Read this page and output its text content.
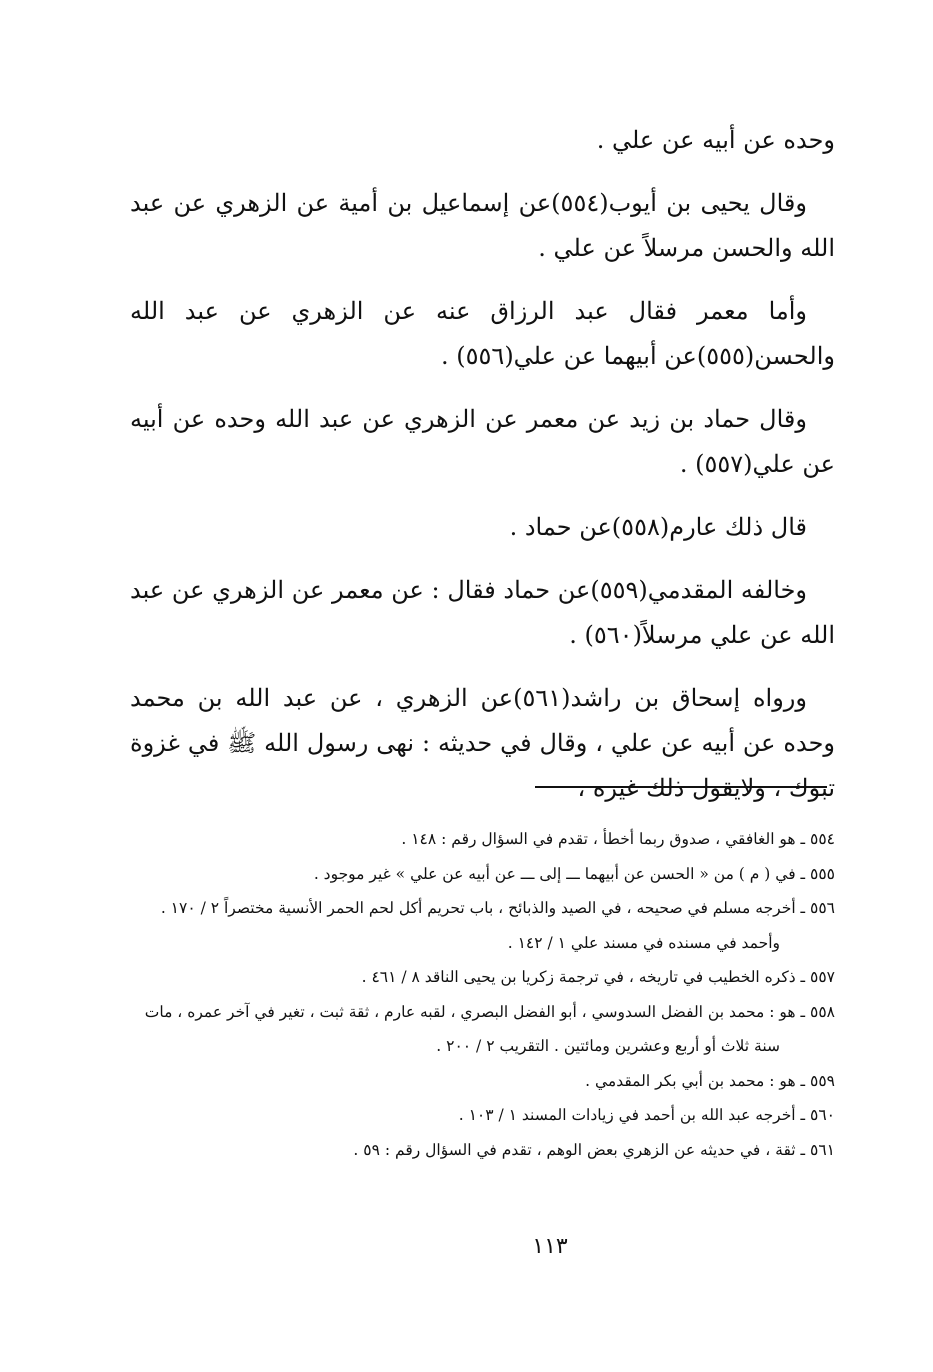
وحده عن أبيه عن علي .

وقال يحيى بن أيوب(٥٥٤)عن إسماعيل بن أمية عن الزهري عن عبد الله والحسن مرسلاً عن علي .

وأما معمر فقال عبد الرزاق عنه عن الزهري عن عبد الله والحسن(٥٥٥)عن أبيهما عن علي(٥٥٦) .

وقال حماد بن زيد عن معمر عن الزهري عن عبد الله وحده عن أبيه عن علي(٥٥٧) .

قال ذلك عارم(٥٥٨)عن حماد .

وخالفه المقدمي(٥٥٩)عن حماد فقال : عن معمر عن الزهري عن عبد الله عن علي مرسلاً(٥٦٠) .

ورواه إسحاق بن راشد(٥٦١)عن الزهري ، عن عبد الله بن محمد وحده عن أبيه عن علي ، وقال في حديثه : نهى رسول الله ﷺ في غزوة تبوك ، ولايقول ذلك غيره ،

٥٥٤ ـ هو الغافقي ، صدوق ربما أخطأ ، تقدم في السؤال رقم : ١٤٨ .

٥٥٥ ـ في ( م ) من « الحسن عن أبيهما ـــ إلى ـــ عن أبيه عن علي » غير موجود .

٥٥٦ ـ أخرجه مسلم في صحيحه ، في الصيد والذبائح ، باب تحريم أكل لحم الحمر الأنسية مختصراً ٢ / ١٧٠ .

وأحمد في مسنده في مسند علي ١ / ١٤٢ .

٥٥٧ ـ ذكره الخطيب في تاريخه ، في ترجمة زكريا بن يحيى الناقد ٨ / ٤٦١ .

٥٥٨ ـ هو : محمد بن الفضل السدوسي ، أبو الفضل البصري ، لقبه عارم ، ثقة ثبت ، تغير في آخر عمره ، مات

سنة ثلاث أو أربع وعشرين ومائتين . التقريب ٢ / ٢٠٠ .

٥٥٩ ـ هو : محمد بن أبي بكر المقدمي .

٥٦٠ ـ أخرجه عبد الله بن أحمد في زيادات المسند ١ / ١٠٣ .

٥٦١ ـ ثقة ، في حديثه عن الزهري بعض الوهم ، تقدم في السؤال رقم : ٥٩ .

١١٣
